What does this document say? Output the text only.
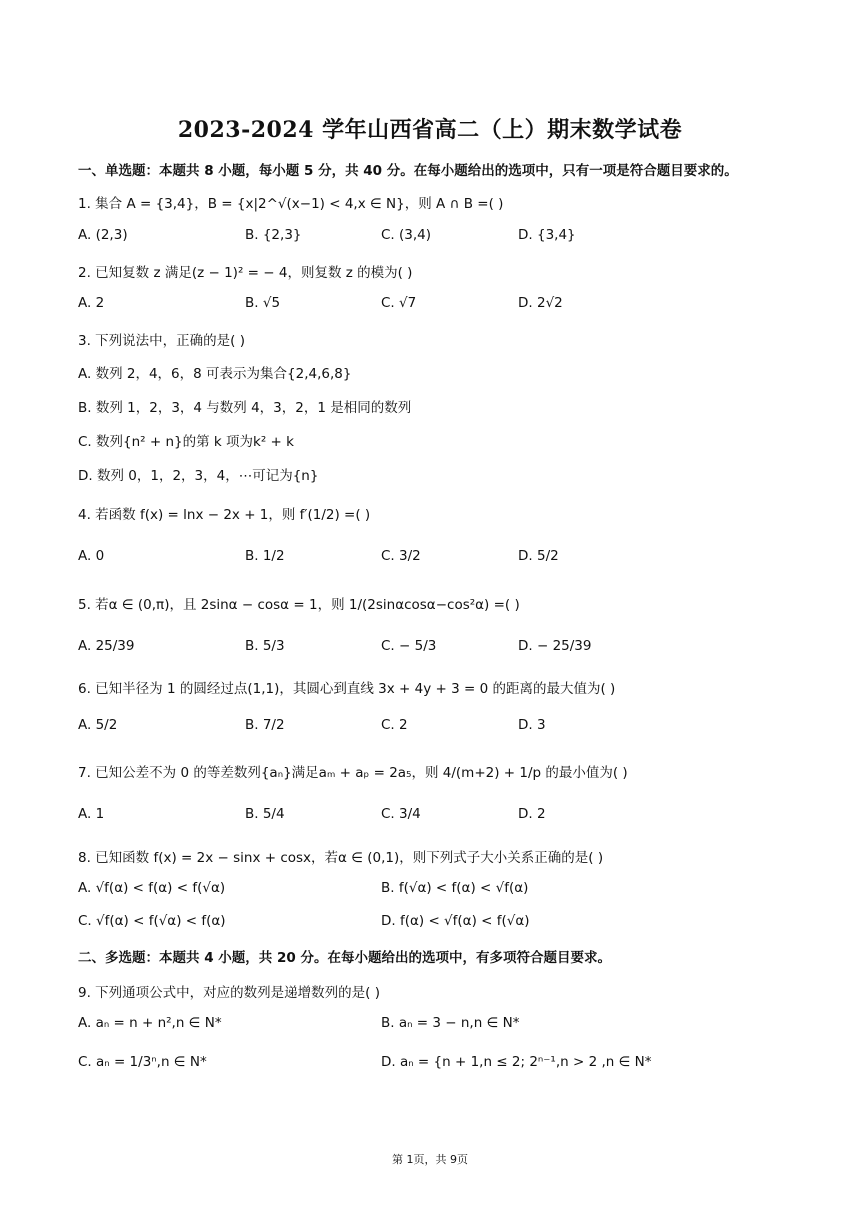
2023-2024 学年山西省高二（上）期末数学试卷
一、单选题：本题共 8 小题，每小题 5 分，共 40 分。在每小题给出的选项中，只有一项是符合题目要求的。
1. 集合 A = {3,4}，B = {x|2^√(x−1) < 4,x ∈ N}，则 A ∩ B =( )
A. (2,3)	B. {2,3}	C. (3,4)	D. {3,4}
2. 已知复数 z 满足(z − 1)² = − 4，则复数 z 的模为( )
A. 2	B. √5	C. √7	D. 2√2
3. 下列说法中，正确的是( )
A. 数列 2，4，6，8 可表示为集合{2,4,6,8}
B. 数列 1，2，3，4 与数列 4，3，2，1 是相同的数列
C. 数列{n² + n}的第 k 项为k² + k
D. 数列 0，1，2，3，4，⋯可记为{n}
4. 若函数 f(x) = lnx − 2x + 1，则 f′(1/2) =( )
A. 0	B. 1/2	C. 3/2	D. 5/2
5. 若α ∈ (0,π)，且 2sinα − cosα = 1，则 1/(2sinαcosα−cos²α) =( )
A. 25/39	B. 5/3	C. − 5/3	D. − 25/39
6. 已知半径为 1 的圆经过点(1,1)，其圆心到直线 3x + 4y + 3 = 0 的距离的最大值为( )
A. 5/2	B. 7/2	C. 2	D. 3
7. 已知公差不为 0 的等差数列{aₙ}满足aₘ + aₚ = 2a₅，则 4/(m+2) + 1/p 的最小值为( )
A. 1	B. 5/4	C. 3/4	D. 2
8. 已知函数 f(x) = 2x − sinx + cosx，若α ∈ (0,1)，则下列式子大小关系正确的是( )
A. √f(α) < f(α) < f(√α)	B. f(√α) < f(α) < √f(α)
C. √f(α) < f(√α) < f(α)	D. f(α) < √f(α) < f(√α)
二、多选题：本题共 4 小题，共 20 分。在每小题给出的选项中，有多项符合题目要求。
9. 下列通项公式中，对应的数列是递增数列的是( )
A. aₙ = n + n²,n ∈ N*	B. aₙ = 3 − n,n ∈ N*
C. aₙ = 1/3ⁿ,n ∈ N*	D. aₙ = {n + 1,n ≤ 2; 2ⁿ⁻¹,n > 2 ,n ∈ N*
第 1页，共 9页
